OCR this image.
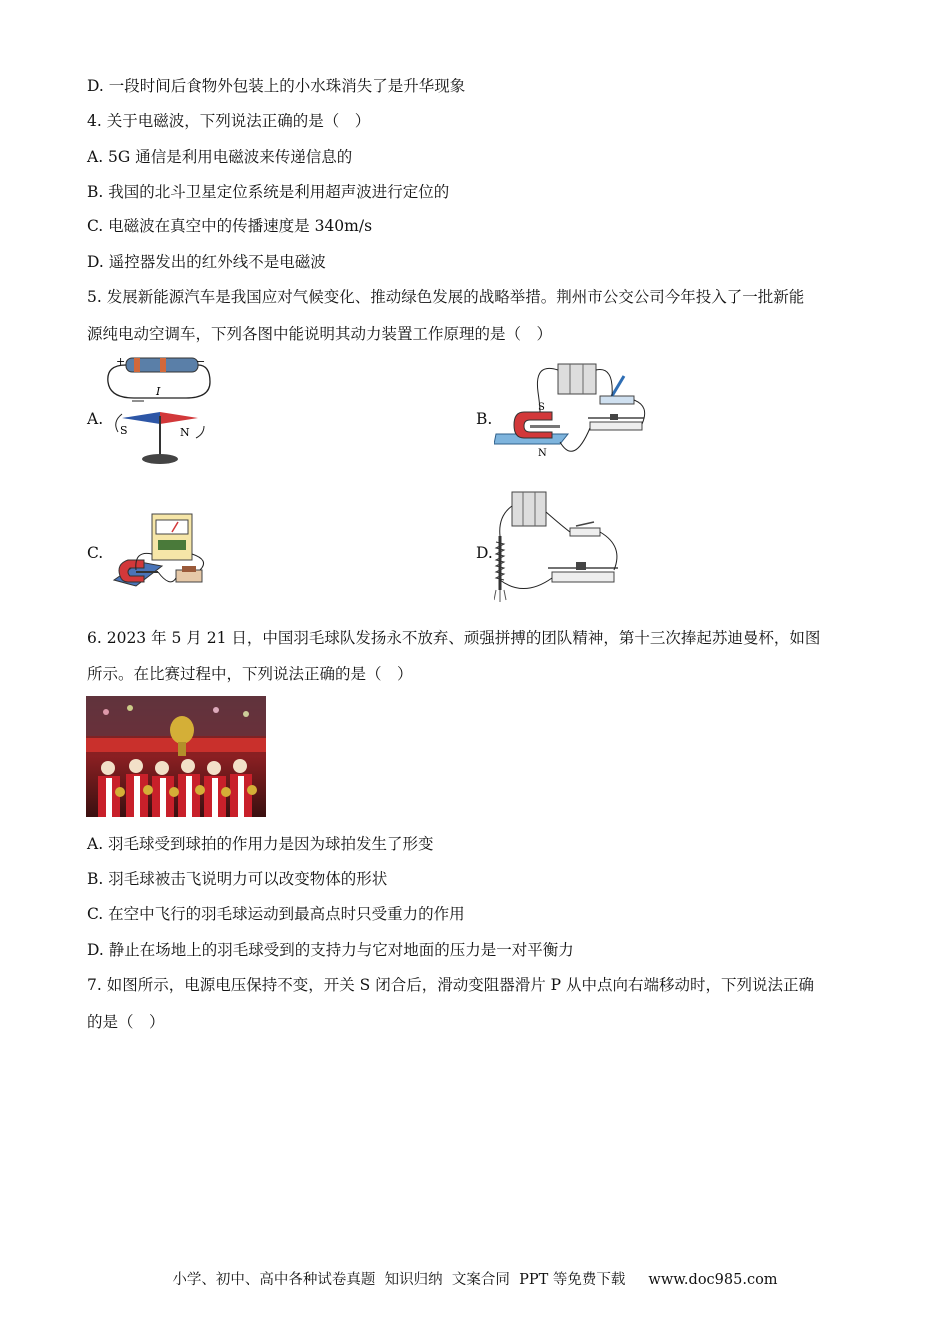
D. 一段时间后食物外包装上的小水珠消失了是升华现象
4. 关于电磁波，下列说法正确的是（　）
A. 5G 通信是利用电磁波来传递信息的
B. 我国的北斗卫星定位系统是利用超声波进行定位的
C. 电磁波在真空中的传播速度是 340m/s
D. 遥控器发出的红外线不是电磁波
5. 发展新能源汽车是我国应对气候变化、推动绿色发展的战略举措。荆州市公交公司今年投入了一批新能
源纯电动空调车，下列各图中能说明其动力装置工作原理的是（　）
A.	B.
C.	D.
+	−
I
S	N
S
N
6. 2023 年 5 月 21 日，中国羽毛球队发扬永不放弃、顽强拼搏的团队精神，第十三次捧起苏迪曼杯，如图
所示。在比赛过程中，下列说法正确的是（　）
A. 羽毛球受到球拍的作用力是因为球拍发生了形变
B. 羽毛球被击飞说明力可以改变物体的形状
C. 在空中飞行的羽毛球运动到最高点时只受重力的作用
D. 静止在场地上的羽毛球受到的支持力与它对地面的压力是一对平衡力
7. 如图所示，电源电压保持不变，开关 S 闭合后，滑动变阻器滑片 P 从中点向右端移动时，下列说法正确
的是（　）
小学、初中、高中各种试卷真题  知识归纳  文案合同  PPT 等免费下载     www.doc985.com
